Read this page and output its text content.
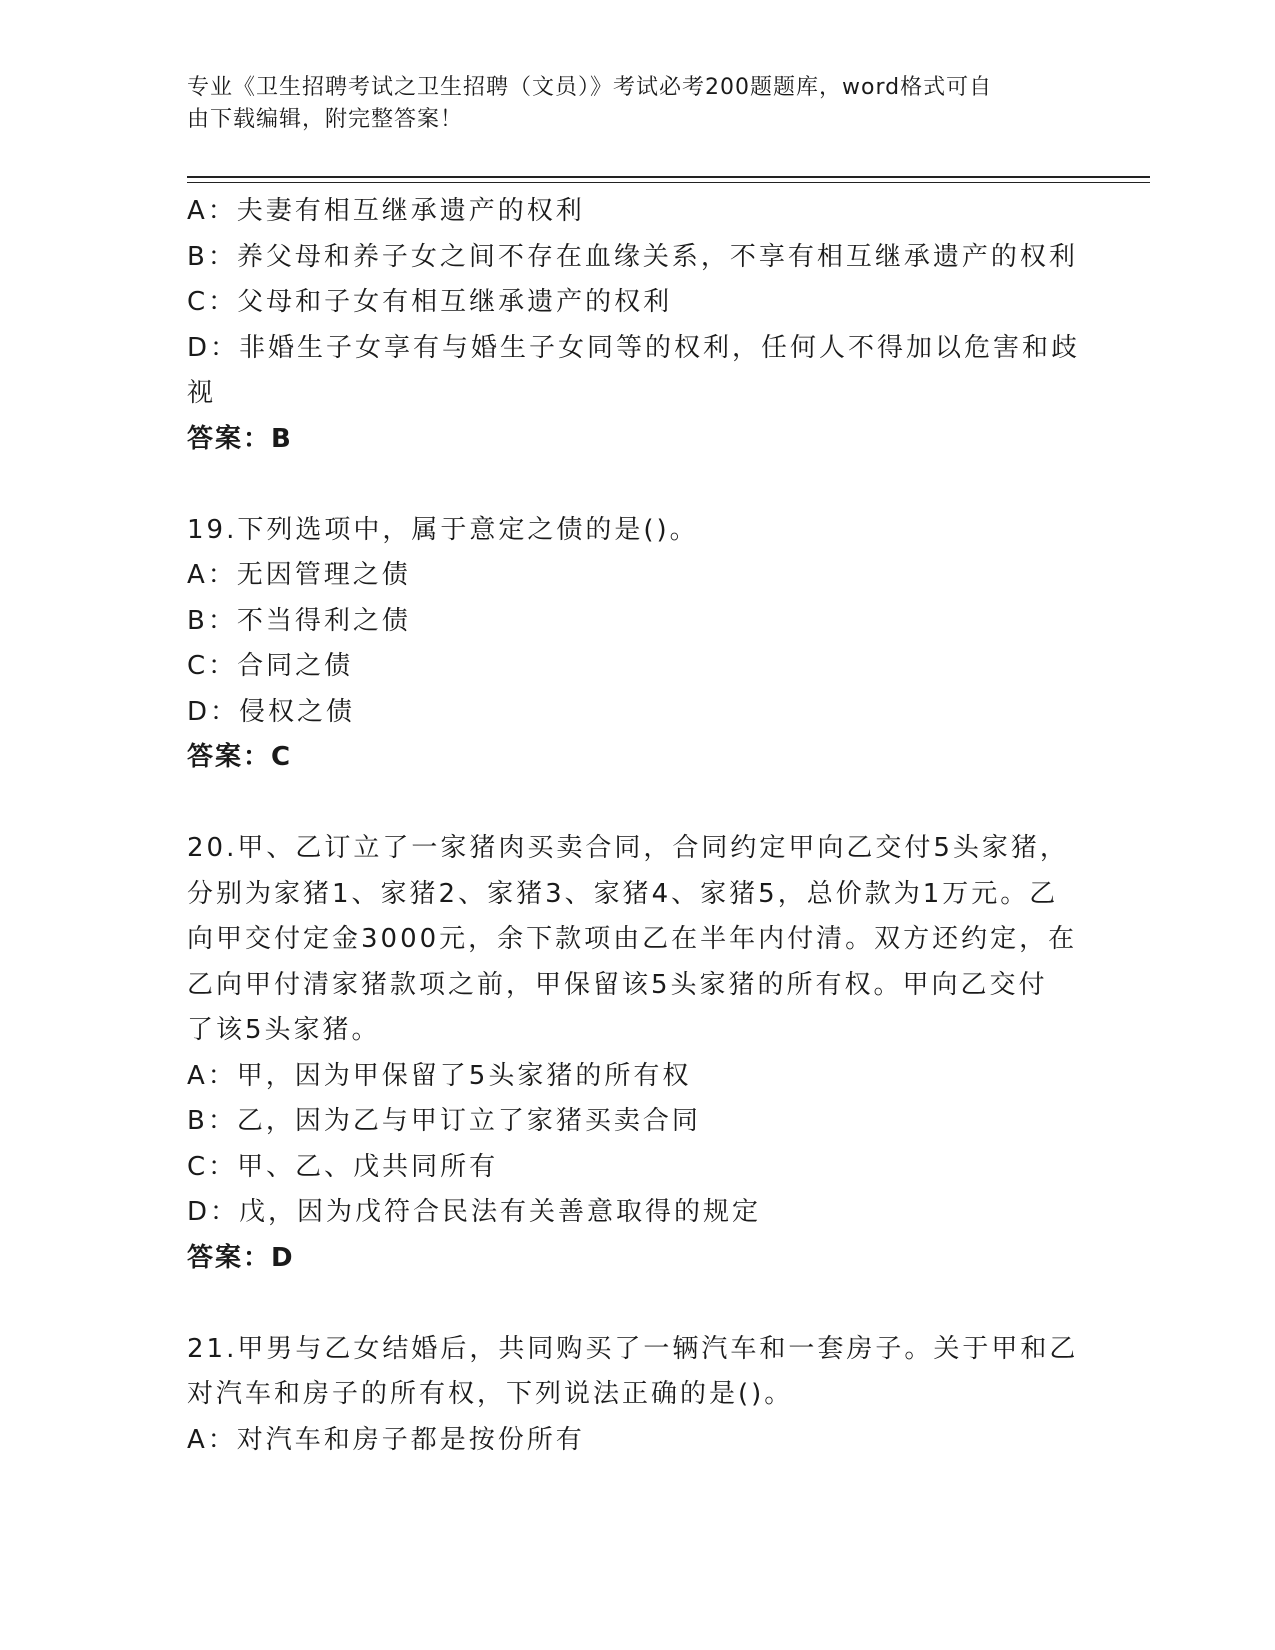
专业《卫生招聘考试之卫生招聘（文员）》考试必考200题题库，word格式可自
由下载编辑，附完整答案！
A：夫妻有相互继承遗产的权利
B：养父母和养子女之间不存在血缘关系，不享有相互继承遗产的权利
C：父母和子女有相互继承遗产的权利
D：非婚生子女享有与婚生子女同等的权利，任何人不得加以危害和歧
视
答案：B
19.下列选项中，属于意定之债的是()。
A：无因管理之债
B：不当得利之债
C：合同之债
D：侵权之债
答案：C
20.甲、乙订立了一家猪肉买卖合同，合同约定甲向乙交付5头家猪，
分别为家猪1、家猪2、家猪3、家猪4、家猪5，总价款为1万元。乙
向甲交付定金3000元，余下款项由乙在半年内付清。双方还约定，在
乙向甲付清家猪款项之前，甲保留该5头家猪的所有权。甲向乙交付
了该5头家猪。
A：甲，因为甲保留了5头家猪的所有权
B：乙，因为乙与甲订立了家猪买卖合同
C：甲、乙、戊共同所有
D：戊，因为戊符合民法有关善意取得的规定
答案：D
21.甲男与乙女结婚后，共同购买了一辆汽车和一套房子。关于甲和乙
对汽车和房子的所有权，下列说法正确的是()。
A：对汽车和房子都是按份所有
